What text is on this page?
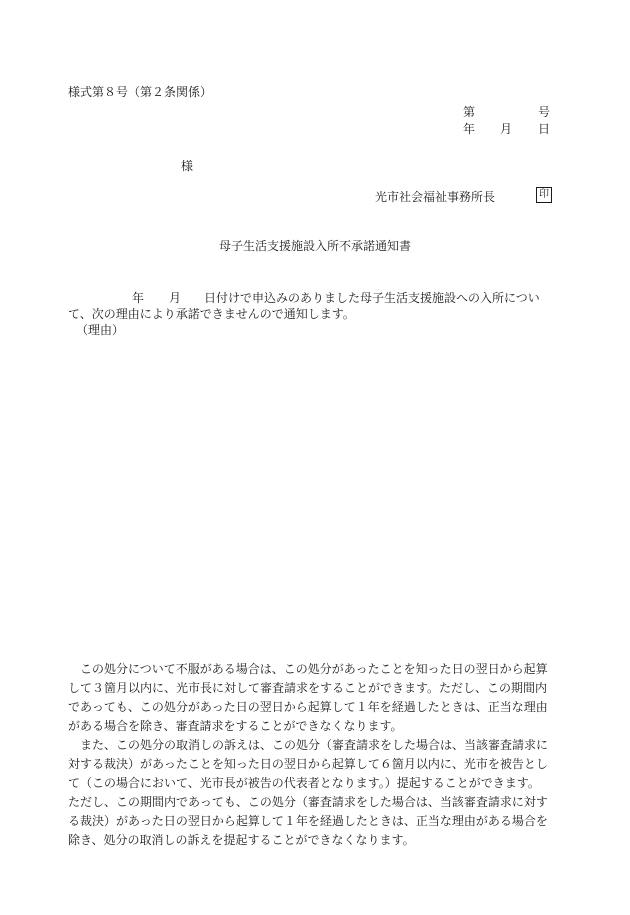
様式第８号（第２条関係）
第	号
年 月 日
様
光市社会福祉事務所長	印
母子生活支援施設入所不承諾通知書
年 月 日付けで申込みのありました母子生活支援施設への入所につい
て、次の理由により承諾できませんので通知します。
（理由）
　この処分について不服がある場合は、この処分があったことを知った日の翌日から起算
して３箇月以内に、光市長に対して審査請求をすることができます。ただし、この期間内
であっても、この処分があった日の翌日から起算して１年を経過したときは、正当な理由
がある場合を除き、審査請求をすることができなくなります。
　また、この処分の取消しの訴えは、この処分（審査請求をした場合は、当該審査請求に
対する裁決）があったことを知った日の翌日から起算して６箇月以内に、光市を被告とし
て（この場合において、光市長が被告の代表者となります。）提起することができます。
ただし、この期間内であっても、この処分（審査請求をした場合は、当該審査請求に対す
る裁決）があった日の翌日から起算して１年を経過したときは、正当な理由がある場合を
除き、処分の取消しの訴えを提起することができなくなります。
